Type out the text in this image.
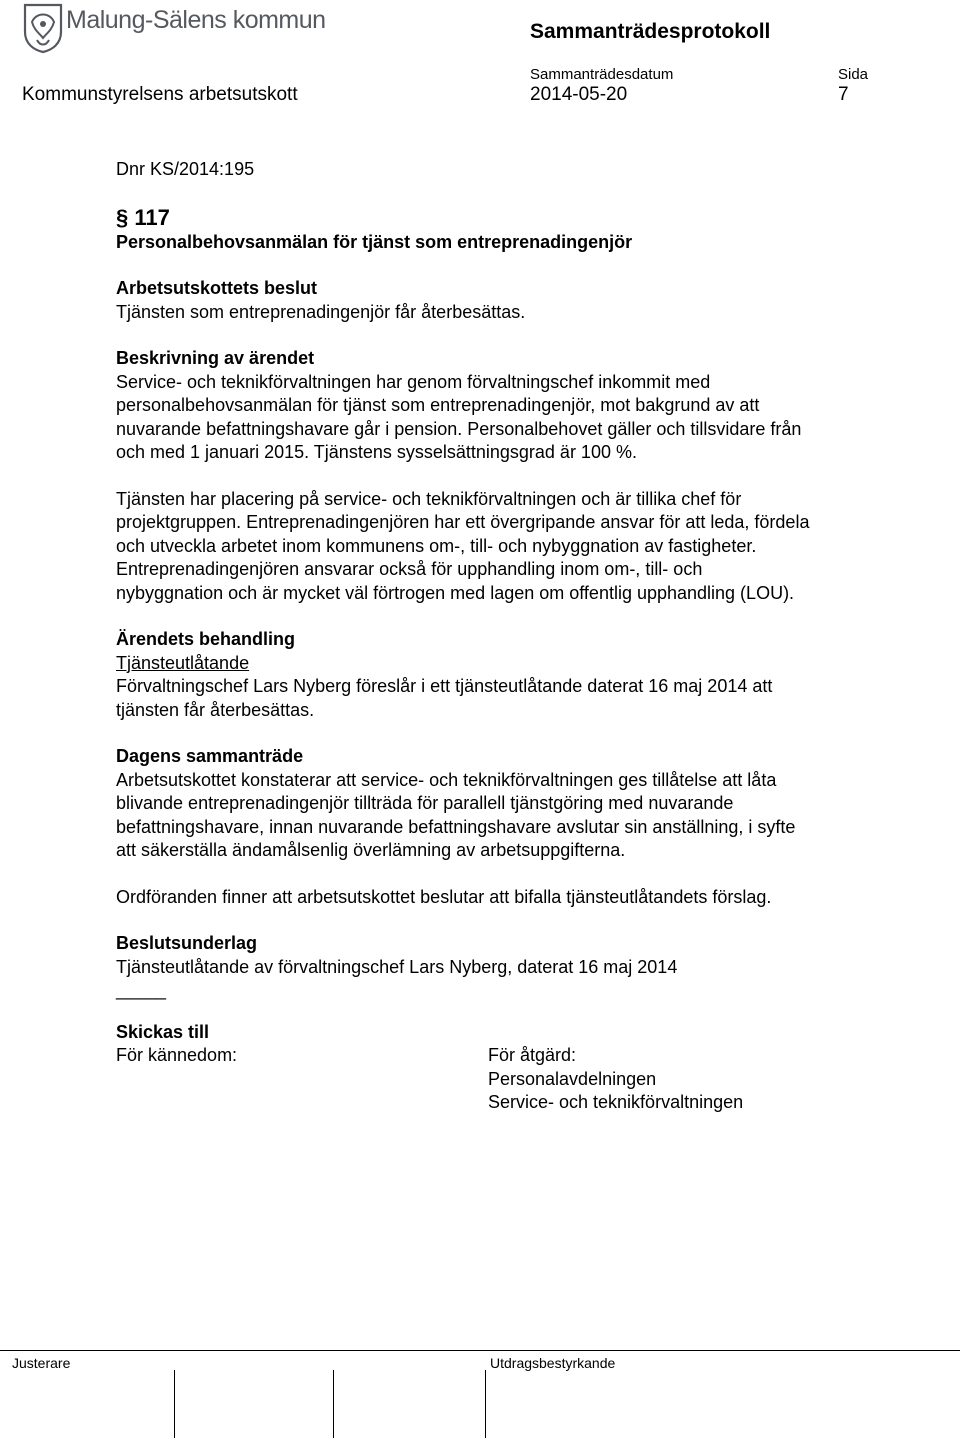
Malung-Sälens kommun	Sammanträdesprotokoll
Sammanträdesdatum	Sida
Kommunstyrelsens arbetsutskott	2014-05-20	7

Dnr KS/2014:195

§ 117

Personalbehovsanmälan för tjänst som entreprenadingenjör

Arbetsutskottets beslut

Tjänsten som entreprenadingenjör får återbesättas.

Beskrivning av ärendet

Service- och teknikförvaltningen har genom förvaltningschef inkommit med

personalbehovsanmälan för tjänst som entreprenadingenjör, mot bakgrund av att

nuvarande befattningshavare går i pension. Personalbehovet gäller och tillsvidare från

och med 1 januari 2015. Tjänstens sysselsättningsgrad är 100 %.

Tjänsten har placering på service- och teknikförvaltningen och är tillika chef för

projektgruppen. Entreprenadingenjören har ett övergripande ansvar för att leda, fördela

och utveckla arbetet inom kommunens om-, till- och nybyggnation av fastigheter.

Entreprenadingenjören ansvarar också för upphandling inom om-, till- och

nybyggnation och är mycket väl förtrogen med lagen om offentlig upphandling (LOU).

Ärendets behandling

Tjänsteutlåtande

Förvaltningschef Lars Nyberg föreslår i ett tjänsteutlåtande daterat 16 maj 2014 att

tjänsten får återbesättas.

Dagens sammanträde

Arbetsutskottet konstaterar att service- och teknikförvaltningen ges tillåtelse att låta

blivande entreprenadingenjör tillträda för parallell tjänstgöring med nuvarande

befattningshavare, innan nuvarande befattningshavare avslutar sin anställning, i syfte

att säkerställa ändamålsenlig överlämning av arbetsuppgifterna.

Ordföranden finner att arbetsutskottet beslutar att bifalla tjänsteutlåtandets förslag.

Beslutsunderlag

Tjänsteutlåtande av förvaltningschef Lars Nyberg, daterat 16 maj 2014

_____

Skickas till

För kännedom:	För åtgärd:

Personalavdelningen

Service- och teknikförvaltningen

Justerare	Utdragsbestyrkande
